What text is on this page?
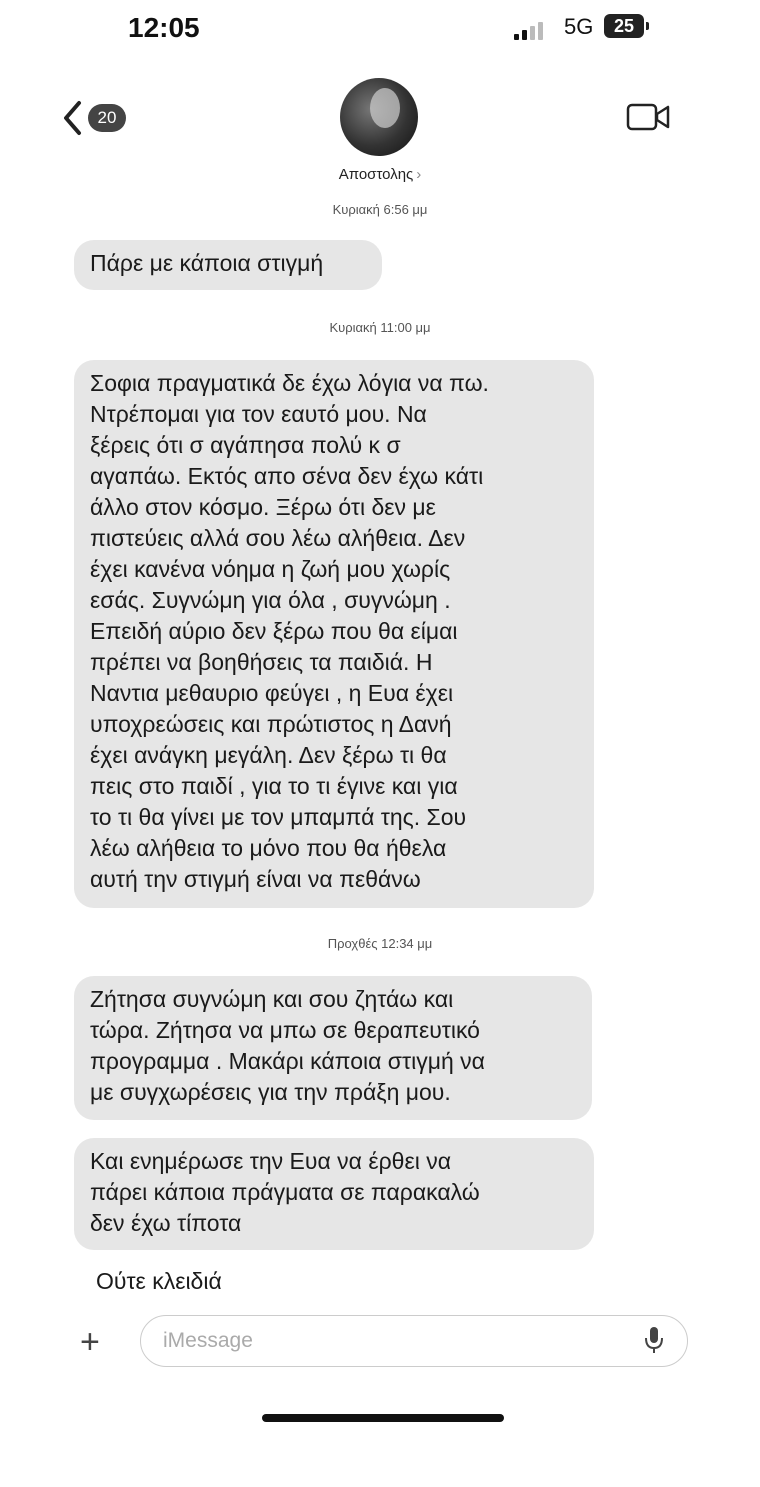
12:05	5G	25
20
Αποστολης ›
Κυριακή 6:56 μμ
Πάρε με κάποια στιγμή
Κυριακή 11:00 μμ
Σοφια πραγματικά δε έχω λόγια να πω.
Ντρέπομαι για τον εαυτό μου. Να
ξέρεις ότι σ αγάπησα πολύ κ σ
αγαπάω. Εκτός απο σένα δεν έχω κάτι
άλλο στον κόσμο. Ξέρω ότι δεν με
πιστεύεις αλλά σου λέω αλήθεια. Δεν
έχει κανένα νόημα η ζωή μου χωρίς
εσάς. Συγνώμη για όλα , συγνώμη .
Επειδή αύριο δεν ξέρω που θα είμαι
πρέπει να βοηθήσεις τα παιδιά. Η
Ναντια μεθαυριο φεύγει , η Ευα έχει
υποχρεώσεις και πρώτιστος η Δανή
έχει ανάγκη μεγάλη. Δεν ξέρω τι θα
πεις στο παιδί , για το τι έγινε και για
το τι θα γίνει με τον μπαμπά της. Σου
λέω αλήθεια το μόνο που θα ήθελα
αυτή την στιγμή είναι να πεθάνω
Προχθές 12:34 μμ
Ζήτησα συγνώμη και σου ζητάω και
τώρα. Ζήτησα να μπω σε θεραπευτικό
προγραμμα . Μακάρι κάποια στιγμή να
με συγχωρέσεις για την πράξη μου.
Και ενημέρωσε την Ευα να έρθει να
πάρει κάποια πράγματα σε παρακαλώ
δεν έχω τίποτα
Ούτε κλειδιά
+	iMessage
